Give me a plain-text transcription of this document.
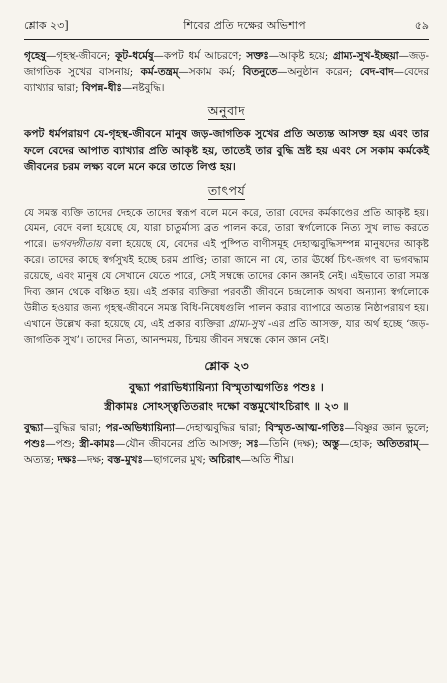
শ্লোক ২৩]	শিবের প্রতি দক্ষের অভিশাপ	৫৯

গৃহেষু—গৃহস্থ-জীবনে; কূট-ধর্মেষু—কপট ধর্ম আচরণে; সক্তঃ—আকৃষ্ট হয়ে; গ্রাম্য-সুখ-ইচ্ছয়া—জড়-জাগতিক সুখের বাসনায়; কর্ম-তন্ত্রম্—সকাম কর্ম; বিতনুতে—অনুষ্ঠান করেন; বেদ-বাদ—বেদের ব্যাখ্যার দ্বারা; বিপন্ন-ধীঃ—নষ্টবুদ্ধি।

অনুবাদ

কপট ধর্মপরায়ণ যে-গৃহস্থ-জীবনে মানুষ জড়-জাগতিক সুখের প্রতি অত্যন্ত আসক্ত হয় এবং তার ফলে বেদের আপাত ব্যাখ্যার প্রতি আকৃষ্ট হয়, তাতেই তার বুদ্ধি ভ্রষ্ট হয় এবং সে সকাম কর্মকেই জীবনের চরম লক্ষ্য বলে মনে করে তাতে লিপ্ত হয়।

তাৎপর্য

যে সমস্ত ব্যক্তি তাদের দেহকে তাদের স্বরূপ বলে মনে করে, তারা বেদের কর্মকাণ্ডের প্রতি আকৃষ্ট হয়। যেমন, বেদে বলা হয়েছে যে, যারা চাতুর্মাস্য ব্রত পালন করে, তারা স্বর্গলোকে নিত্য সুখ লাভ করতে পারে। ভগবদ্গীতায় বলা হয়েছে যে, বেদের এই পুষ্পিত বাণীসমূহ দেহাত্মবুদ্ধিসম্পন্ন মানুষদের আকৃষ্ট করে। তাদের কাছে স্বর্গসুখই হচ্ছে চরম প্রাপ্তি; তারা জানে না যে, তার ঊর্ধ্বে চিৎ-জগৎ বা ভগবদ্ধাম রয়েছে, এবং মানুষ যে সেখানে যেতে পারে, সেই সম্বন্ধে তাদের কোন জ্ঞানই নেই। এইভাবে তারা সমস্ত দিব্য জ্ঞান থেকে বঞ্চিত হয়। এই প্রকার ব্যক্তিরা পরবর্তী জীবনে চন্দ্রলোক অথবা অন্যান্য স্বর্গলোকে উন্নীত হওয়ার জন্য গৃহস্থ-জীবনে সমস্ত বিধি-নিষেধগুলি পালন করার ব্যাপারে অত্যন্ত নিষ্ঠাপরায়ণ হয়। এখানে উল্লেখ করা হয়েছে যে, এই প্রকার ব্যক্তিরা গ্রাম্য-সুখ -এর প্রতি আসক্ত, যার অর্থ হচ্ছে ‘জড়-জাগতিক সুখ’। তাদের নিত্য, আনন্দময়, চিন্ময় জীবন সম্বন্ধে কোন জ্ঞান নেই।

শ্লোক ২৩
বুদ্ধ্যা পরাভিধ্যায়িন্যা বিস্মৃতাত্মগতিঃ পশুঃ ।
স্ত্রীকামঃ সোঽস্ত্বতিতরাং দক্ষো বস্তমুখোঽচিরাৎ ॥ ২৩ ॥

বুদ্ধ্যা—বুদ্ধির দ্বারা; পর-অভিধ্যায়িন্যা—দেহাত্মবুদ্ধির দ্বারা; বিস্মৃত-আত্ম-গতিঃ—বিষ্ণুর জ্ঞান ভুলে; পশুঃ—পশু; স্ত্রী-কামঃ—যৌন জীবনের প্রতি আসক্ত; সঃ—তিনি (দক্ষ); অস্তু—হোক; অতিতরাম্—অত্যন্ত; দক্ষঃ—দক্ষ; বস্ত-মুখঃ—ছাগলের মুখ; অচিরাৎ—অতি শীঘ্র।
